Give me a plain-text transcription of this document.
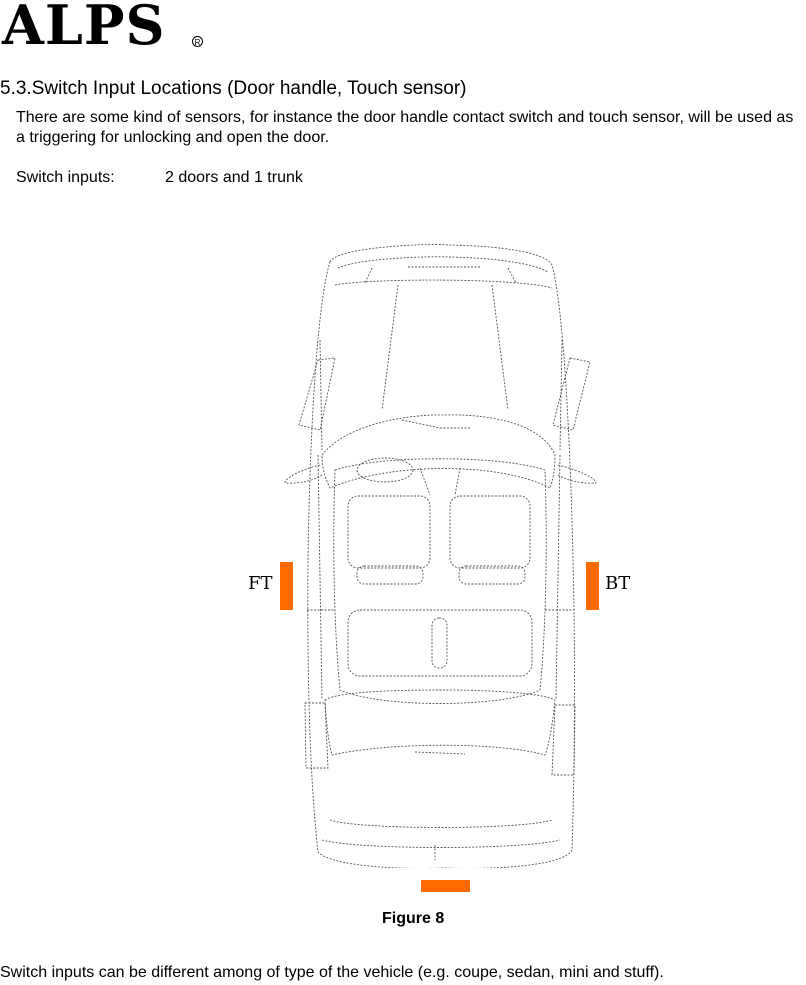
ALPS	R
5.3.Switch Input Locations (Door handle, Touch sensor)
There are some kind of sensors, for instance the door handle contact switch and touch sensor, will be used as a triggering for unlocking and open the door.
Switch inputs:	2 doors and 1 trunk
FT	BT
Figure 8
Switch inputs can be different among of type of the vehicle (e.g. coupe, sedan, mini and stuff).
